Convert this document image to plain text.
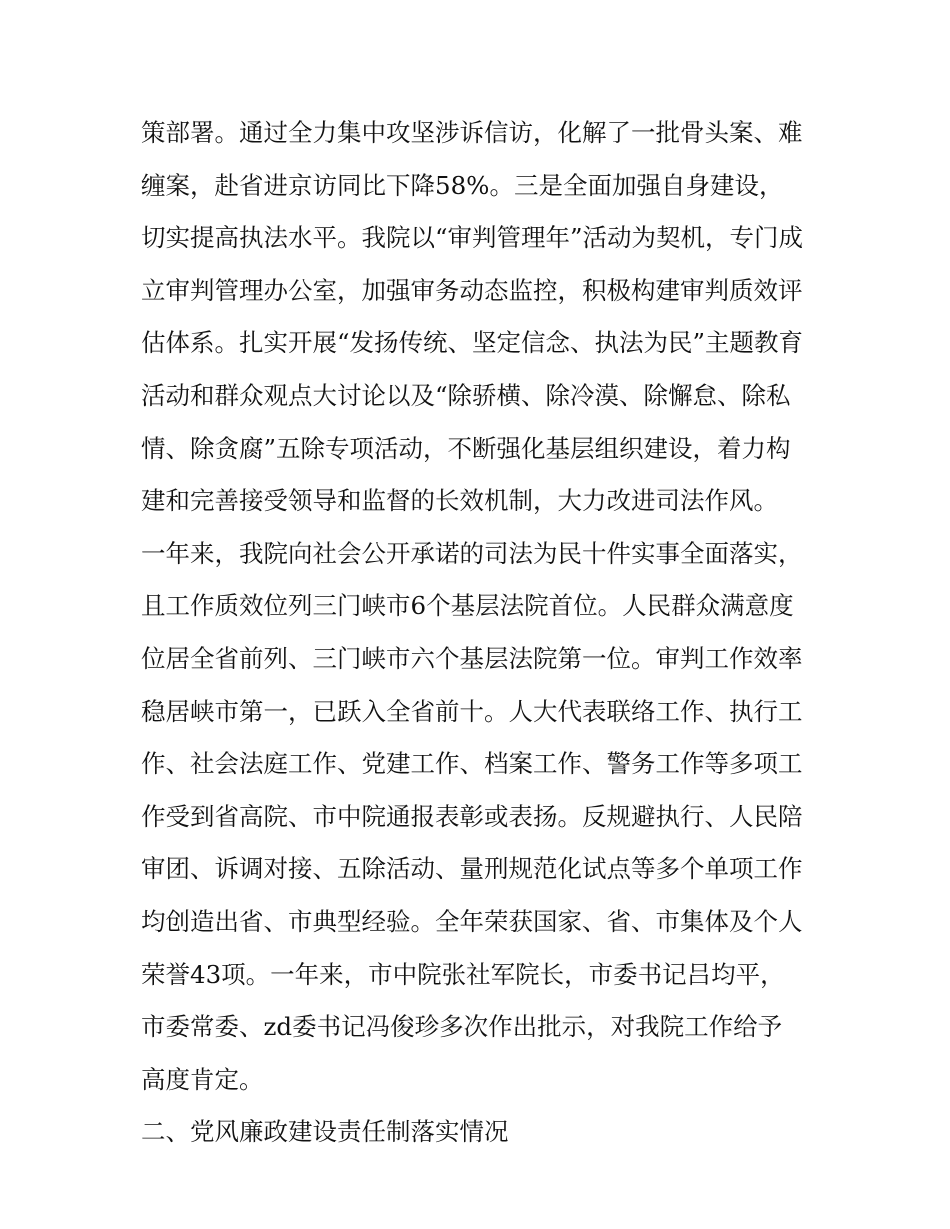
策部署。通过全力集中攻坚涉诉信访，化解了一批骨头案、难
缠案，赴省进京访同比下降58%。三是全面加强自身建设，
切实提高执法水平。我院以“审判管理年”活动为契机，专门成
立审判管理办公室，加强审务动态监控，积极构建审判质效评
估体系。扎实开展“发扬传统、坚定信念、执法为民”主题教育
活动和群众观点大讨论以及“除骄横、除冷漠、除懈怠、除私
情、除贪腐”五除专项活动，不断强化基层组织建设，着力构
建和完善接受领导和监督的长效机制，大力改进司法作风。
一年来，我院向社会公开承诺的司法为民十件实事全面落实，
且工作质效位列三门峡市6个基层法院首位。人民群众满意度
位居全省前列、三门峡市六个基层法院第一位。审判工作效率
稳居峡市第一，已跃入全省前十。人大代表联络工作、执行工
作、社会法庭工作、党建工作、档案工作、警务工作等多项工
作受到省高院、市中院通报表彰或表扬。反规避执行、人民陪
审团、诉调对接、五除活动、量刑规范化试点等多个单项工作
均创造出省、市典型经验。全年荣获国家、省、市集体及个人
荣誉43项。一年来，市中院张社军院长，市委书记吕均平，
市委常委、zd委书记冯俊珍多次作出批示，对我院工作给予
高度肯定。
二、党风廉政建设责任制落实情况
